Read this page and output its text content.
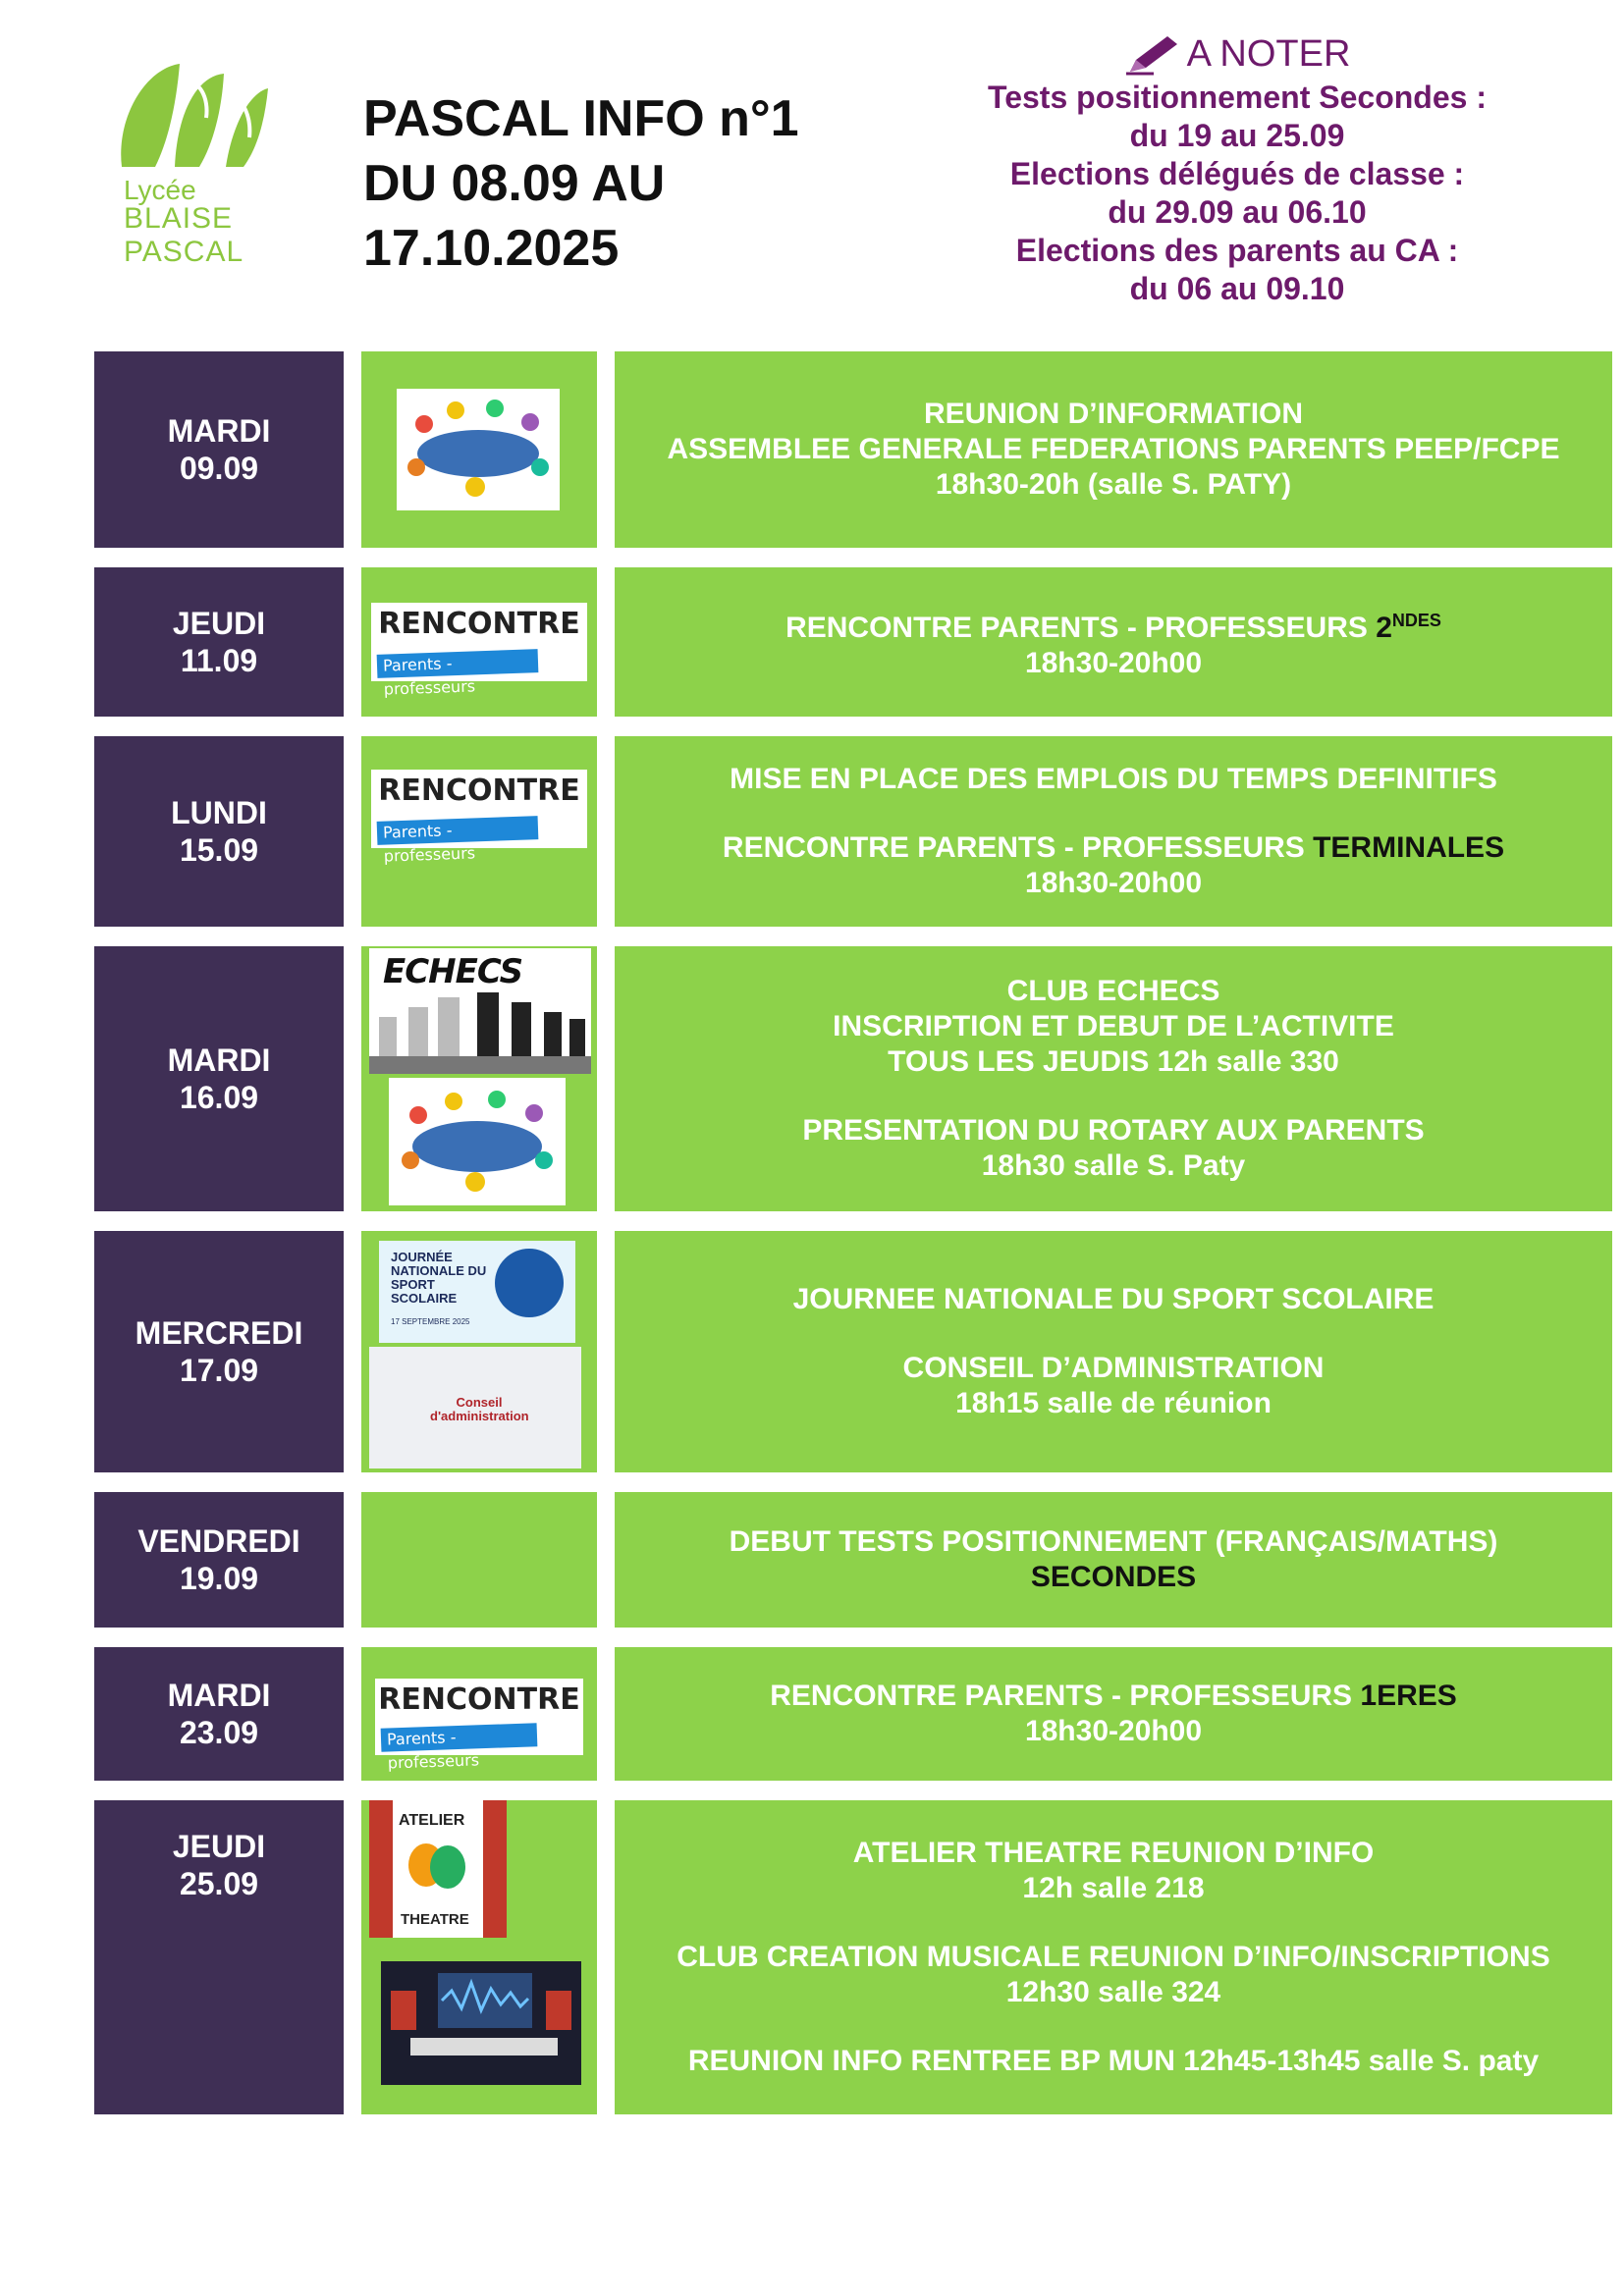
Lycée
BLAISE PASCAL
PASCAL INFO n°1
DU 08.09 AU
17.10.2025
A NOTER
Tests positionnement Secondes :
du 19 au 25.09
Elections délégués de classe :
du 29.09 au 06.10
Elections des parents au CA :
du 06 au 09.10
MARDI
09.09
REUNION D’INFORMATION
ASSEMBLEE GENERALE FEDERATIONS PARENTS PEEP/FCPE
18h30-20h (salle S. PATY)
JEUDI
11.09
RENCONTRE
Parents - professeurs
RENCONTRE PARENTS - PROFESSEURS $2^{NDES}$
18h30-20h00
LUNDI
15.09
RENCONTRE
Parents - professeurs
MISE EN PLACE DES EMPLOIS DU TEMPS DEFINITIFS
RENCONTRE PARENTS - PROFESSEURS TERMINALES
18h30-20h00
MARDI
16.09
ECHECS	CLUB ECHECS
INSCRIPTION ET DEBUT DE L’ACTIVITE
TOUS LES JEUDIS 12h salle 330
PRESENTATION DU ROTARY AUX PARENTS
18h30 salle S. Paty
MERCREDI
17.09
JOURNÉE NATIONALE DU SPORT SCOLAIRE
17 SEPTEMBRE 2025
Conseil d'administration
JOURNEE NATIONALE DU SPORT SCOLAIRE
CONSEIL D’ADMINISTRATION
18h15 salle de réunion
VENDREDI
19.09
DEBUT TESTS POSITIONNEMENT (FRANÇAIS/MATHS)
SECONDES
MARDI
23.09
RENCONTRE
Parents - professeurs
RENCONTRE PARENTS - PROFESSEURS 1ERES
18h30-20h00
JEUDI
25.09
ATELIER
THEATRE
ATELIER THEATRE REUNION D’INFO
12h salle 218
CLUB CREATION MUSICALE REUNION D’INFO/INSCRIPTIONS
12h30 salle 324
REUNION INFO RENTREE BP MUN 12h45-13h45 salle S. paty
